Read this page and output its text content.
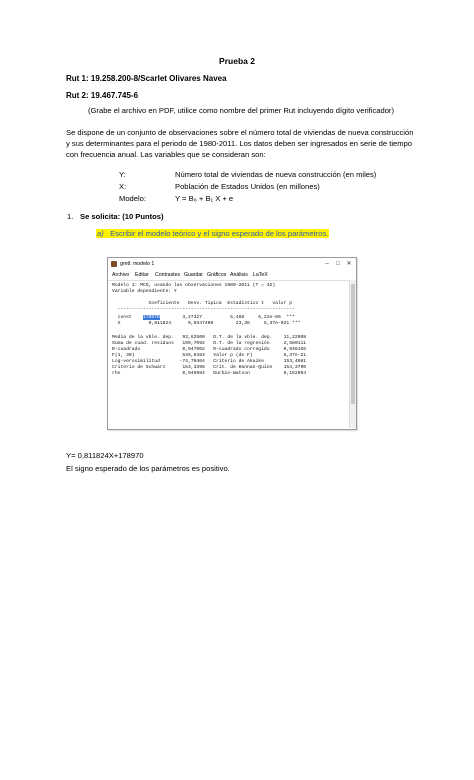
Prueba 2
Rut 1: 19.258.200-8/Scarlet Olivares Navea
Rut 2: 19.467.745-6
(Grabe el archivo en PDF, utilice como nombre del primer Rut incluyendo dígito verificador)
Se dispone de un conjunto de observaciones sobre el número total de viviendas de nueva construcción
y sus determinantes para el periodo de 1980-2011. Los datos deben ser ingresados en serie de tiempo
con frecuencia anual. Las variables que se consideran son:
Y:	Número total de viviendas de nueva construcción (en miles)
X:	Población de Estados Unidos (en millones)
Modelo:	Y = B₀ + B₁ X + e
1. Se solicita: (10 Puntos)
a) Escribir el modelo teórico y el signo esperado de los parámetros.
gretl: modelo 1	–	□	✕
Archivo Editar Contrastes Guardar Gráficos Análisis LaTeX

Modelo 1: MCO, usando las observaciones 1980-2011 (T = 32)

Variable dependiente: Y

Coeficiente   Desv. Típica  Estadístico t   valor p

---------------------------------------------------------------

const    178970        3,27327          5,468     6,22e-06  ***

X          0,811824      0,0347480        23,36     5,37e-021 ***

Media de la vble. dep.   93,62500   D.T. de la vble. dep.    11,22008

Suma de cuad. residuos   199,7092   D.T. de la regresión     2,580111

R-cuadrado               0,947902   R-cuadrado corregido     0,946165

F(1, 30)                 545,8383   Valor p (de F)           5,37e-21

Log-verosimilitud       -74,70404   Criterio de Akaike       153,4081

Criterio de Schwarz      154,3396   Crit. de Hannan-Quinn    154,3790

rho                      0,946984   Durbin-Watson            0,152804

Y= 0,811824X+178970
El signo esperado de los parámetros es positivo.
